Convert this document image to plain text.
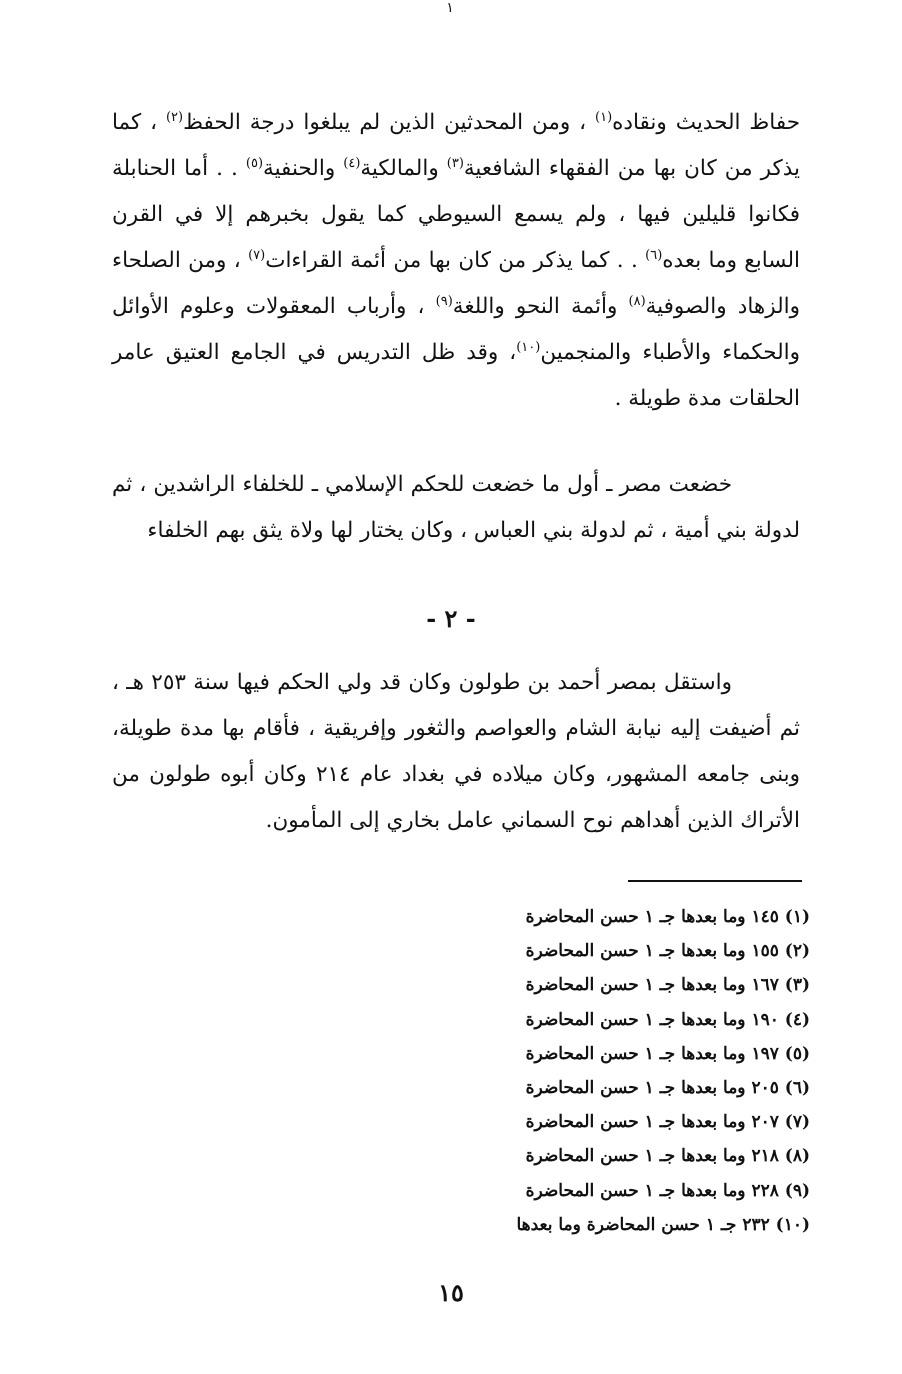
١

حفاظ الحديث ونقاده$^{(١)}$ ، ومن المحدثين الذين لم يبلغوا درجة الحفظ$^{(٢)}$ ، كما يذكر من كان بها من الفقهاء الشافعية$^{(٣)}$ والمالكية$^{(٤)}$ والحنفية$^{(٥)}$ . . أما الحنابلة فكانوا قليلين فيها ، ولم يسمع السيوطي كما يقول بخبرهم إلا في القرن السابع وما بعده$^{(٦)}$ . . كما يذكر من كان بها من أئمة القراءات$^{(٧)}$ ، ومن الصلحاء والزهاد والصوفية$^{(٨)}$ وأئمة النحو واللغة$^{(٩)}$ ، وأرباب المعقولات وعلوم الأوائل والحكماء والأطباء والمنجمين$^{(١٠)}$، وقد ظل التدريس في الجامع العتيق عامر الحلقات مدة طويلة .

خضعت مصر ـ أول ما خضعت للحكم الإسلامي ـ للخلفاء الراشدين ، ثم لدولة بني أمية ، ثم لدولة بني العباس ، وكان يختار لها ولاة يثق بهم الخلفاء

- ٢ -

واستقل بمصر أحمد بن طولون وكان قد ولي الحكم فيها سنة ٢٥٣ هـ ، ثم أضيفت إليه نيابة الشام والعواصم والثغور وإفريقية ، فأقام بها مدة طويلة، وبنى جامعه المشهور، وكان ميلاده في بغداد عام ٢١٤ وكان أبوه طولون من الأتراك الذين أهداهم نوح السماني عامل بخاري إلى المأمون.

(١) ١٤٥ وما بعدها جـ ١ حسن المحاضرة
(٢) ١٥٥ وما بعدها جـ ١ حسن المحاضرة
(٣) ١٦٧ وما بعدها جـ ١ حسن المحاضرة
(٤) ١٩٠ وما بعدها جـ ١ حسن المحاضرة
(٥) ١٩٧ وما بعدها جـ ١ حسن المحاضرة
(٦) ٢٠٥ وما بعدها جـ ١ حسن المحاضرة
(٧) ٢٠٧ وما بعدها جـ ١ حسن المحاضرة
(٨) ٢١٨ وما بعدها جـ ١ حسن المحاضرة
(٩) ٢٢٨ وما بعدها جـ ١ حسن المحاضرة
(١٠) ٢٣٢ جـ ١ حسن المحاضرة وما بعدها
١٥
